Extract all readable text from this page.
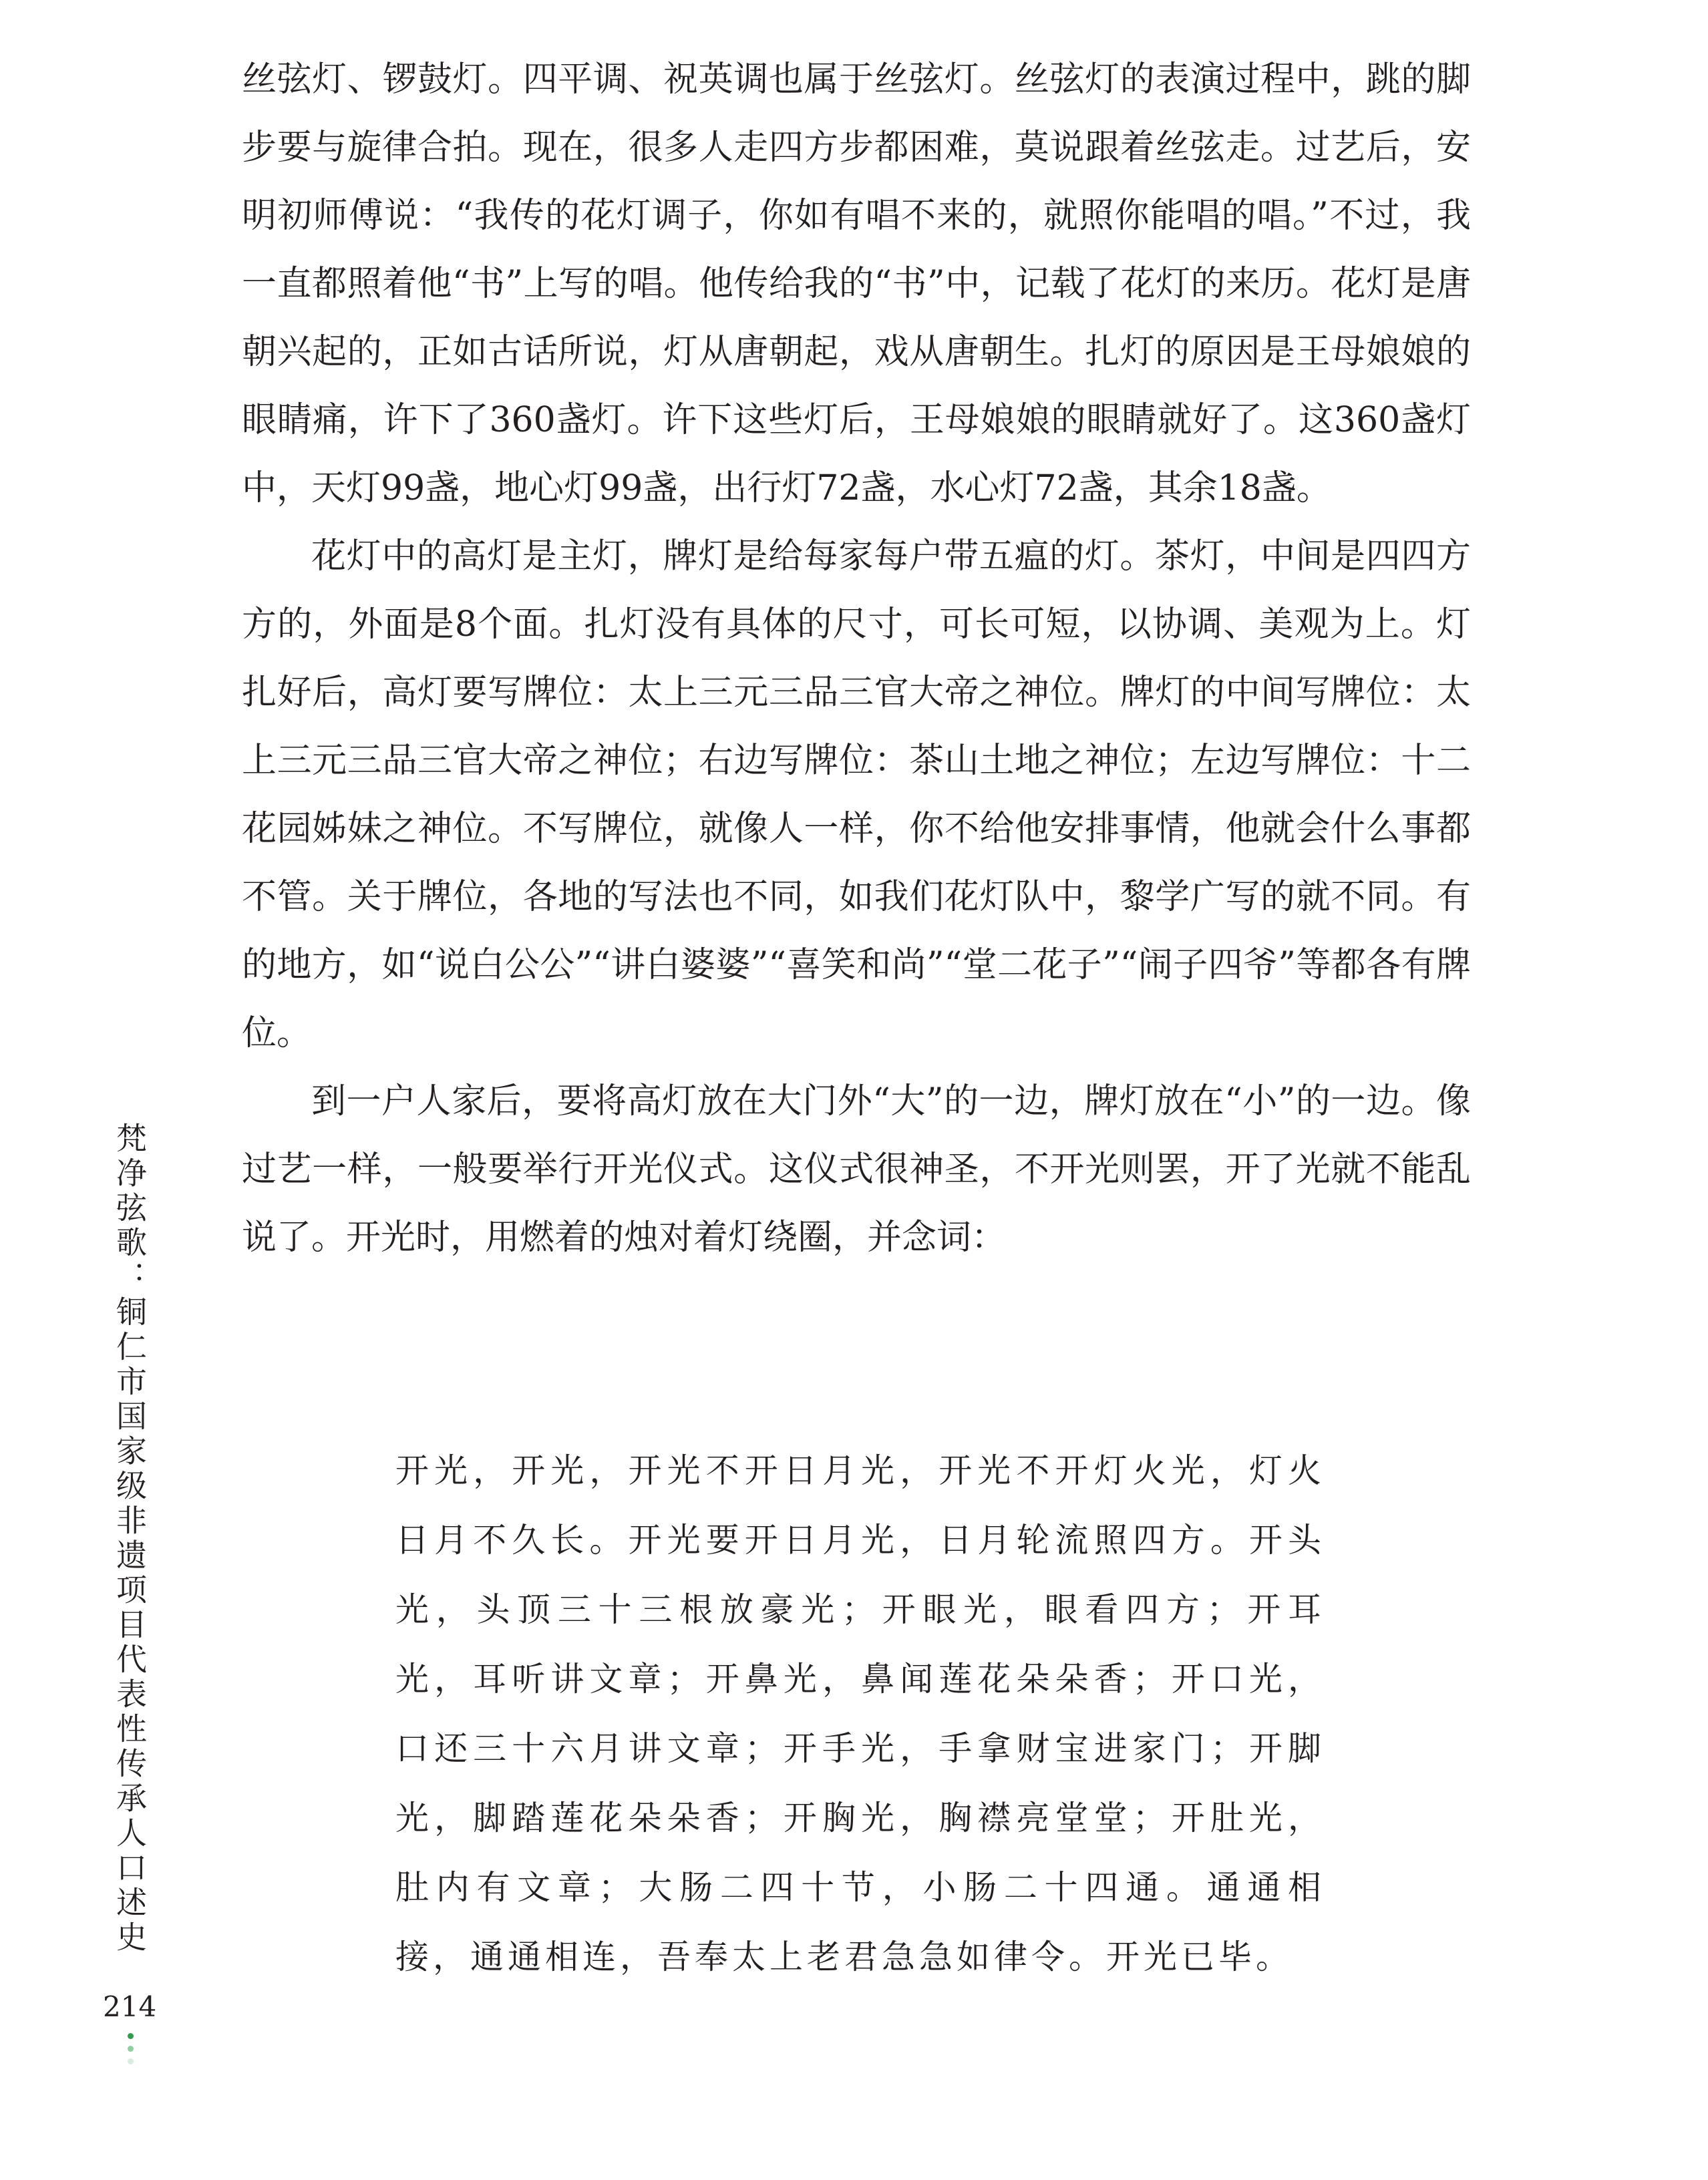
丝弦灯、锣鼓灯。四平调、祝英调也属于丝弦灯。丝弦灯的表演过程中，跳的脚步要与旋律合拍。现在，很多人走四方步都困难，莫说跟着丝弦走。过艺后，安明初师傅说：“我传的花灯调子，你如有唱不来的，就照你能唱的唱。”不过，我一直都照着他“书”上写的唱。他传给我的“书”中，记载了花灯的来历。花灯是唐朝兴起的，正如古话所说，灯从唐朝起，戏从唐朝生。扎灯的原因是王母娘娘的眼睛痛，许下了360盏灯。许下这些灯后，王母娘娘的眼睛就好了。这360盏灯中，天灯99盏，地心灯99盏，出行灯72盏，水心灯72盏，其余18盏。

花灯中的高灯是主灯，牌灯是给每家每户带五瘟的灯。茶灯，中间是四四方方的，外面是8个面。扎灯没有具体的尺寸，可长可短，以协调、美观为上。灯扎好后，高灯要写牌位：太上三元三品三官大帝之神位。牌灯的中间写牌位：太上三元三品三官大帝之神位；右边写牌位：茶山土地之神位；左边写牌位：十二花园姊妹之神位。不写牌位，就像人一样，你不给他安排事情，他就会什么事都不管。关于牌位，各地的写法也不同，如我们花灯队中，黎学广写的就不同。有的地方，如“说白公公”“讲白婆婆”“喜笑和尚”“堂二花子”“闹子四爷”等都各有牌位。

到一户人家后，要将高灯放在大门外“大”的一边，牌灯放在“小”的一边。像过艺一样，一般要举行开光仪式。这仪式很神圣，不开光则罢，开了光就不能乱说了。开光时，用燃着的烛对着灯绕圈，并念词：

开光，开光，开光不开日月光，开光不开灯火光，灯火日月不久长。开光要开日月光，日月轮流照四方。开头光，头顶三十三根放豪光；开眼光，眼看四方；开耳光，耳听讲文章；开鼻光，鼻闻莲花朵朵香；开口光，口还三十六月讲文章；开手光，手拿财宝进家门；开脚光，脚踏莲花朵朵香；开胸光，胸襟亮堂堂；开肚光，肚内有文章；大肠二四十节，小肠二十四通。通通相接，通通相连，吾奉太上老君急急如律令。开光已毕。

梵净弦歌：铜仁市国家级非遗项目代表性传承人口述史

214
